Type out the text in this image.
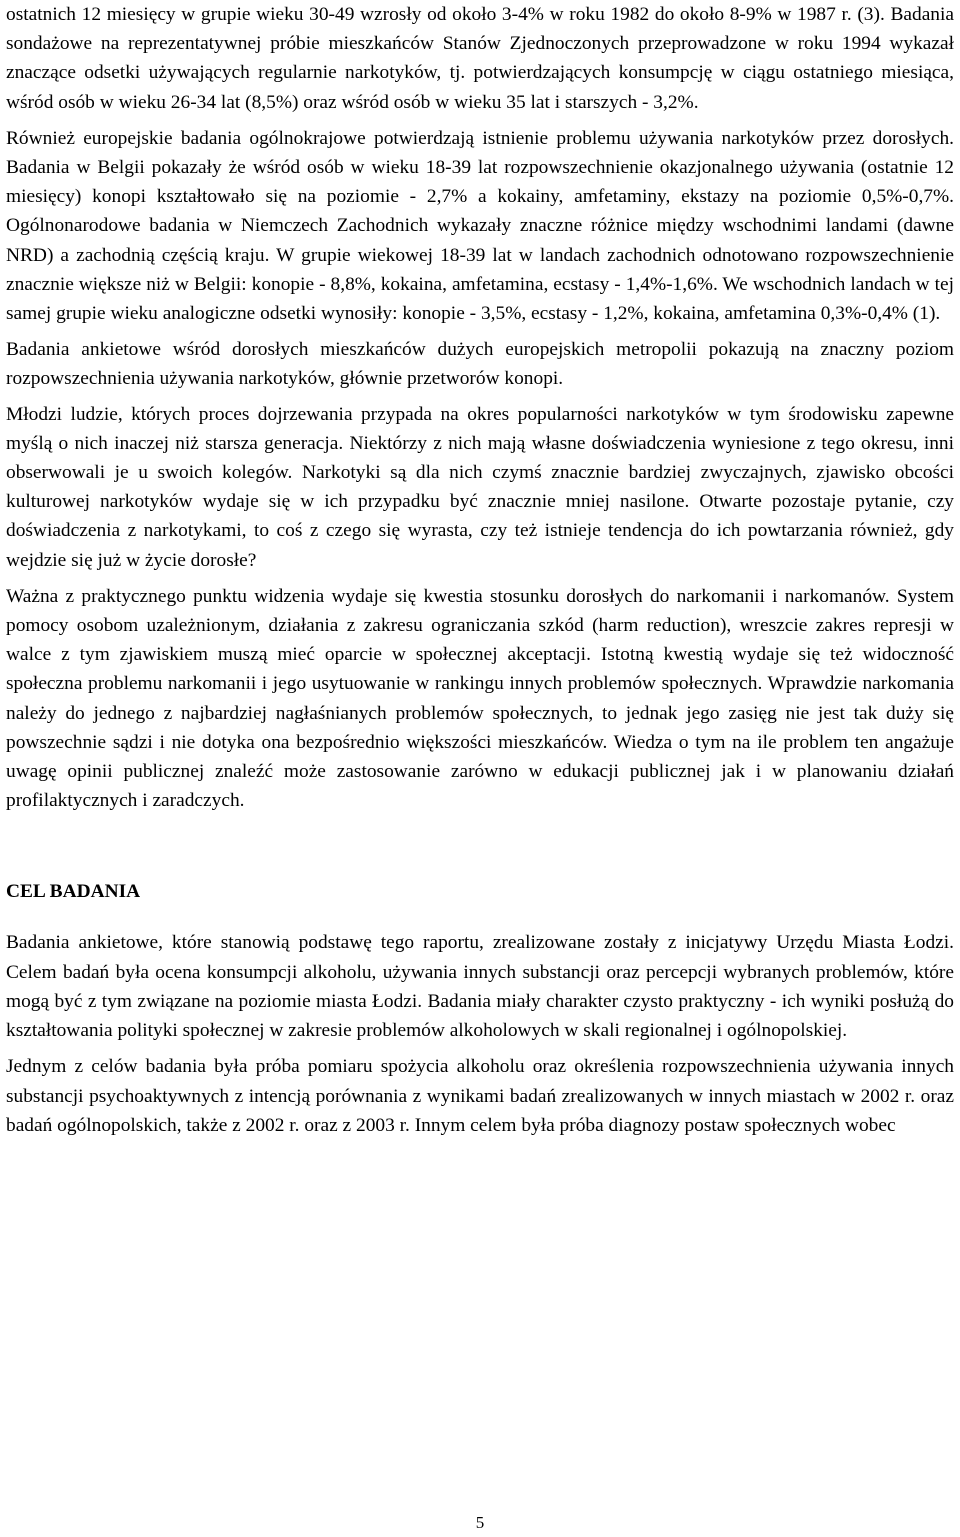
ostatnich 12 miesięcy w grupie wieku 30-49 wzrosły od około 3-4% w roku 1982 do około 8-9% w 1987 r. (3). Badania sondażowe na reprezentatywnej próbie mieszkańców Stanów Zjednoczonych przeprowadzone w roku 1994 wykazał znaczące odsetki używających regularnie narkotyków, tj. potwierdzających konsumpcję w ciągu ostatniego miesiąca, wśród osób w wieku 26-34 lat (8,5%) oraz wśród osób w wieku 35 lat i starszych - 3,2%.

Również europejskie badania ogólnokrajowe potwierdzają istnienie problemu używania narkotyków przez dorosłych. Badania w Belgii pokazały że wśród osób w wieku 18-39 lat rozpowszechnienie okazjonalnego używania (ostatnie 12 miesięcy) konopi kształtowało się na poziomie - 2,7% a kokainy, amfetaminy, ekstazy na poziomie 0,5%-0,7%. Ogólnonarodowe badania w Niemczech Zachodnich wykazały znaczne różnice między wschodnimi landami (dawne NRD) a zachodnią częścią kraju. W grupie wiekowej 18-39 lat w landach zachodnich odnotowano rozpowszechnienie znacznie większe niż w Belgii: konopie - 8,8%, kokaina, amfetamina, ecstasy - 1,4%-1,6%. We wschodnich landach w tej samej grupie wieku analogiczne odsetki wynosiły: konopie - 3,5%, ecstasy - 1,2%, kokaina, amfetamina 0,3%-0,4% (1).

Badania ankietowe wśród dorosłych mieszkańców dużych europejskich metropolii pokazują na znaczny poziom rozpowszechnienia używania narkotyków, głównie przetworów konopi.

Młodzi ludzie, których proces dojrzewania przypada na okres popularności narkotyków w tym środowisku zapewne myślą o nich inaczej niż starsza generacja. Niektórzy z nich mają własne doświadczenia wyniesione z tego okresu, inni obserwowali je u swoich kolegów. Narkotyki są dla nich czymś znacznie bardziej zwyczajnych, zjawisko obcości kulturowej narkotyków wydaje się w ich przypadku być znacznie mniej nasilone. Otwarte pozostaje pytanie, czy doświadczenia z narkotykami, to coś z czego się wyrasta, czy też istnieje tendencja do ich powtarzania również, gdy wejdzie się już w życie dorosłe?

Ważna z praktycznego punktu widzenia wydaje się kwestia stosunku dorosłych do narkomanii i narkomanów. System pomocy osobom uzależnionym, działania z zakresu ograniczania szkód (harm reduction), wreszcie zakres represji w walce z tym zjawiskiem muszą mieć oparcie w społecznej akceptacji. Istotną kwestią wydaje się też widoczność społeczna problemu narkomanii i jego usytuowanie w rankingu innych problemów społecznych. Wprawdzie narkomania należy do jednego z najbardziej nagłaśnianych problemów społecznych, to jednak jego zasięg nie jest tak duży się powszechnie sądzi i nie dotyka ona bezpośrednio większości mieszkańców. Wiedza o tym na ile problem ten angażuje uwagę opinii publicznej znaleźć może zastosowanie zarówno w edukacji publicznej jak i w planowaniu działań profilaktycznych i zaradczych.

CEL BADANIA

Badania ankietowe, które stanowią podstawę tego raportu, zrealizowane zostały z inicjatywy Urzędu Miasta Łodzi. Celem badań była ocena konsumpcji alkoholu, używania innych substancji oraz percepcji wybranych problemów, które mogą być z tym związane na poziomie miasta Łodzi. Badania miały charakter czysto praktyczny - ich wyniki posłużą do kształtowania polityki społecznej w zakresie problemów alkoholowych w skali regionalnej i ogólnopolskiej.

Jednym z celów badania była próba pomiaru spożycia alkoholu oraz określenia rozpowszechnienia używania innych substancji psychoaktywnych z intencją porównania z wynikami badań zrealizowanych w innych miastach w 2002 r. oraz badań ogólnopolskich, także z 2002 r. oraz z 2003 r. Innym celem była próba diagnozy postaw społecznych wobec

5
